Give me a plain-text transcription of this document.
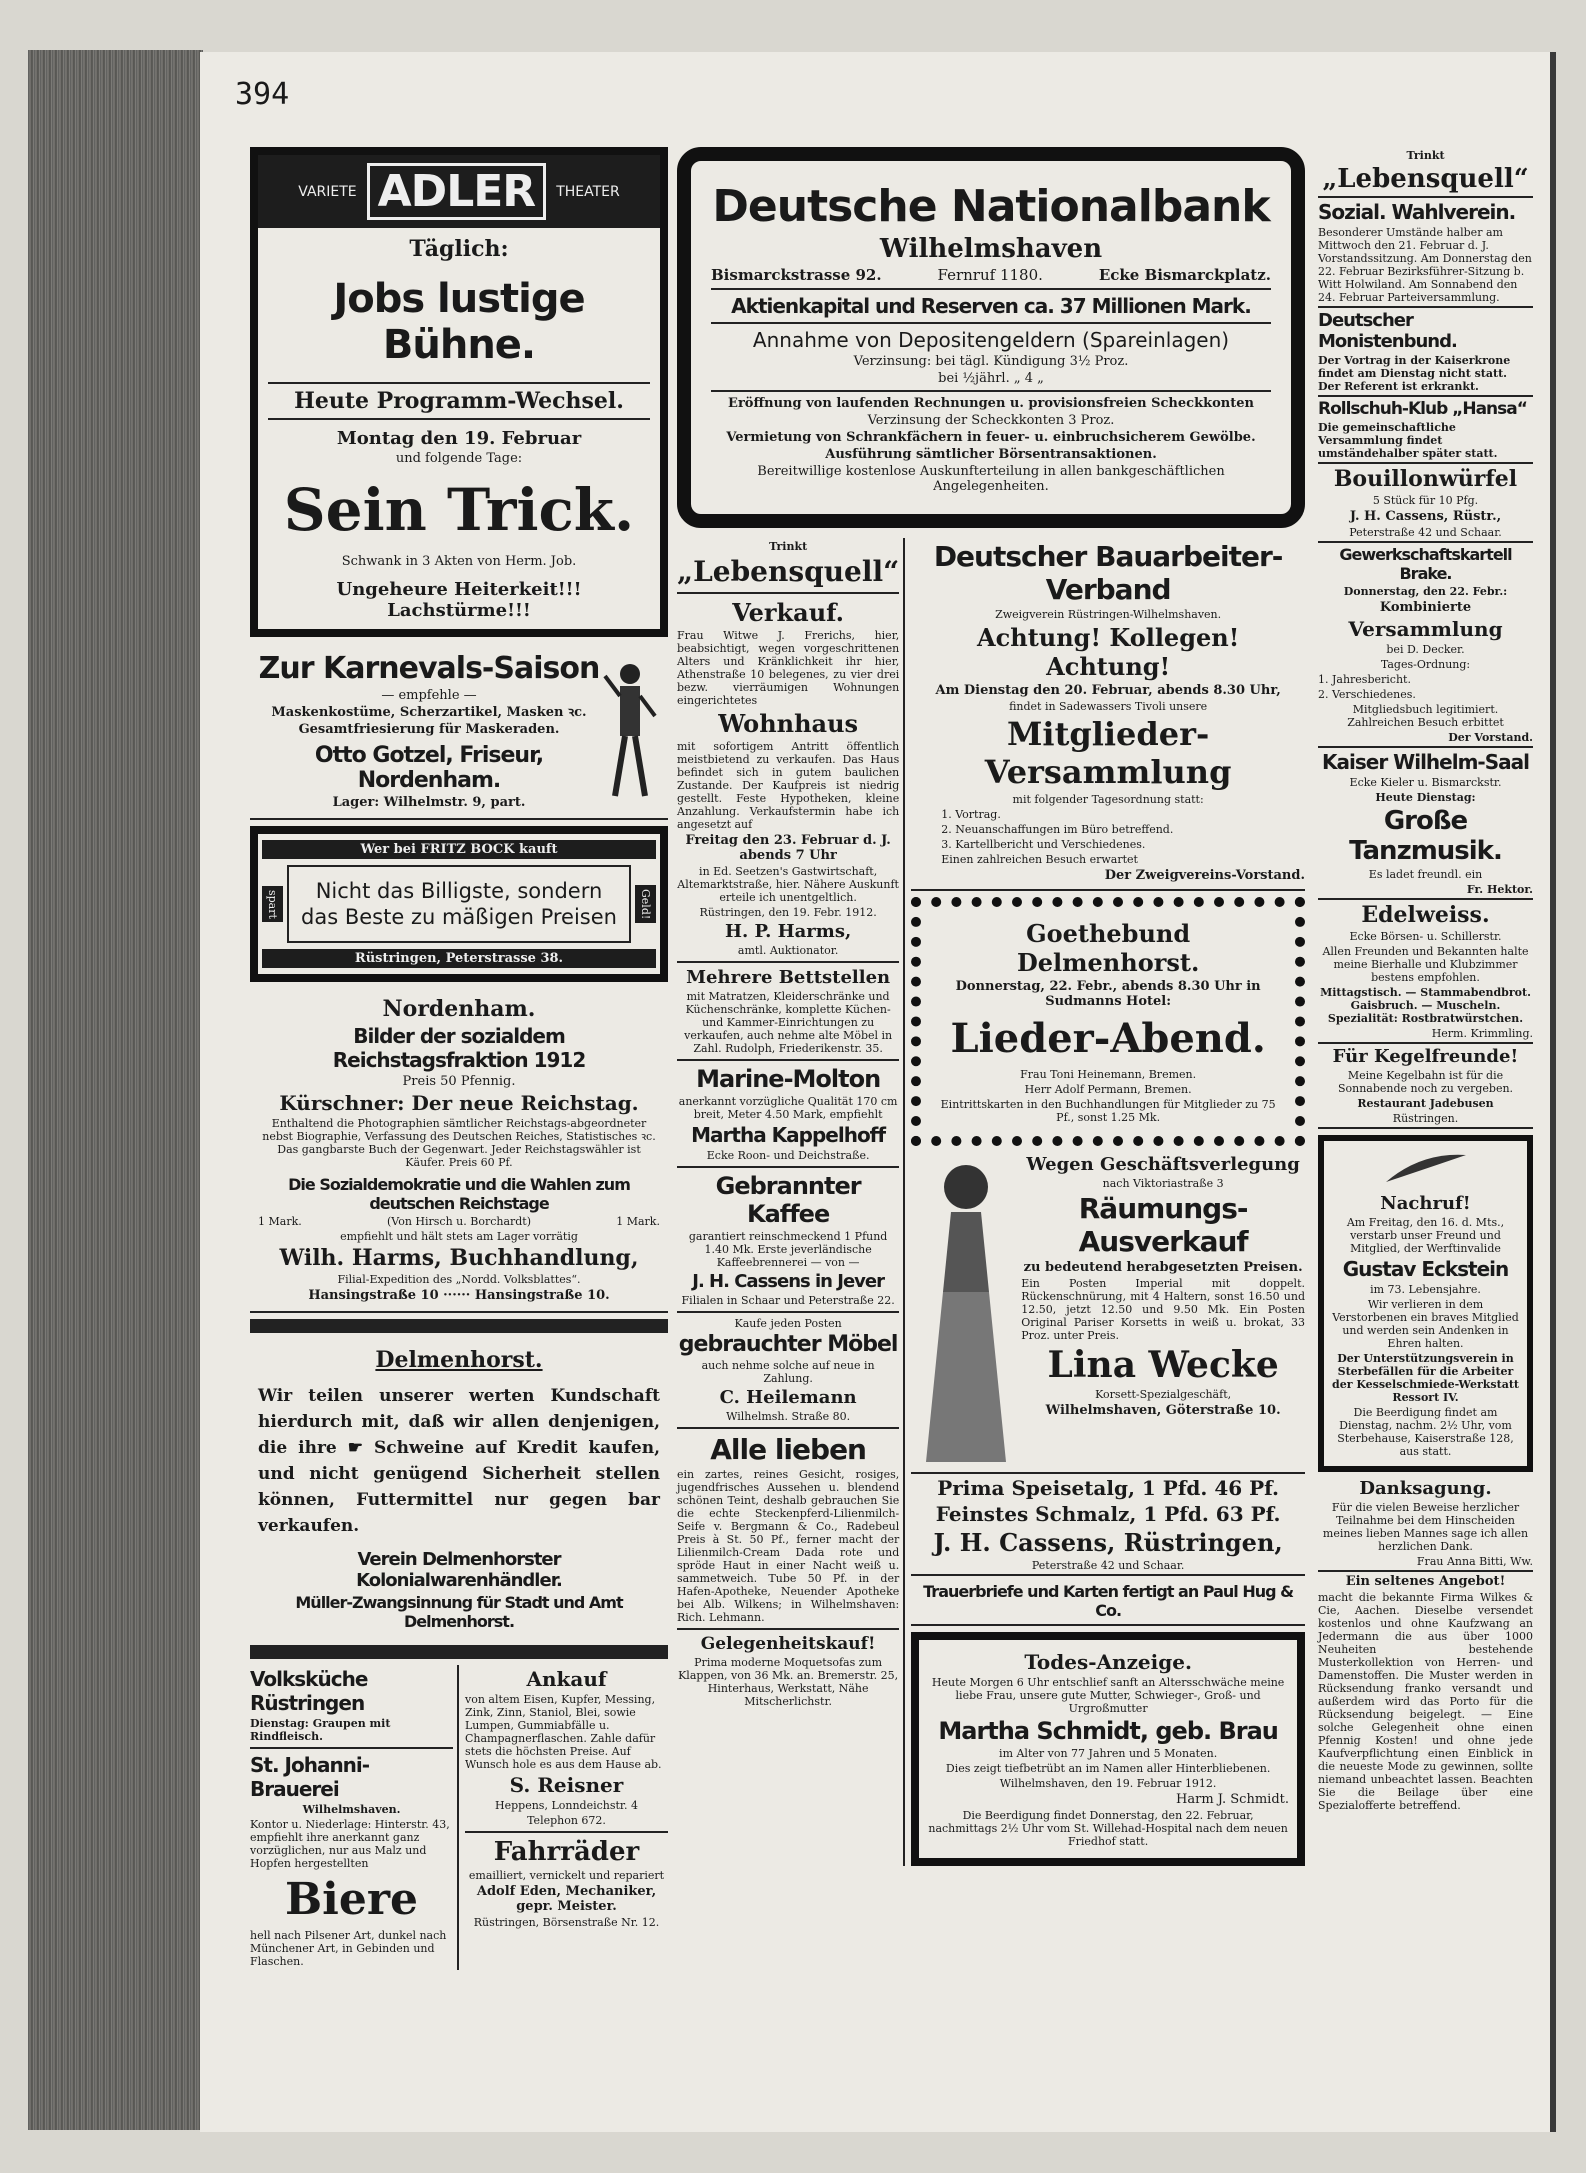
394
VARIETE ADLER	THEATER

Täglich:

Jobs lustige Bühne.

Heute Programm-Wechsel.

Montag den 19. Februar

und folgende Tage:

Sein Trick.

Schwank in 3 Akten von Herm. Job.

Ungeheure Heiterkeit!!! Lachstürme!!!

Zur Karnevals-Saison

— empfehle —

Maskenkostüme, Scherzartikel, Masken ꝛc.

Gesamtfriesierung für Maskeraden.

Otto Gotzel, Friseur, Nordenham.

Lager: Wilhelmstr. 9, part.

Wer bei FRITZ BOCK kauft

spart	Nicht das Billigste, sondern

das Beste zu mäßigen Preisen	Geld!

Rüstringen, Peterstrasse 38.

Nordenham.

Bilder der sozialdem Reichstagsfraktion 1912

Preis 50 Pfennig.

Kürschner: Der neue Reichstag.

Enthaltend die Photographien sämtlicher Reichstags-abgeordneter nebst Biographie, Verfassung des Deutschen Reiches, Statistisches ꝛc. Das gangbarste Buch der Gegenwart. Jeder Reichstagswähler ist Käufer. Preis 60 Pf.

Die Sozialdemokratie und die Wahlen zum deutschen Reichstage

1 Mark.	(Von Hirsch u. Borchardt)	1 Mark.

empfiehlt und hält stets am Lager vorrätig

Wilh. Harms, Buchhandlung,

Filial-Expedition des „Nordd. Volksblattes“.

Hansingstraße 10 ······ Hansingstraße 10.

Delmenhorst.

Wir teilen unserer werten Kundschaft hierdurch mit, daß wir allen denjenigen, die ihre ☛ Schweine auf Kredit kaufen, und nicht genügend Sicherheit stellen können, Futtermittel nur gegen bar verkaufen.

Verein Delmenhorster Kolonialwarenhändler.

Müller-Zwangsinnung für Stadt und Amt Delmenhorst.

Volksküche Rüstringen

Dienstag: Graupen mit Rindfleisch.

St. Johanni-Brauerei

Wilhelmshaven.

Kontor u. Niederlage: Hinterstr. 43, empfiehlt ihre anerkannt ganz vorzüglichen, nur aus Malz und Hopfen hergestellten

Biere

hell nach Pilsener Art, dunkel nach Münchener Art, in Gebinden und Flaschen.

Ankauf

von altem Eisen, Kupfer, Messing, Zink, Zinn, Staniol, Blei, sowie Lumpen, Gummiabfälle u. Champagnerflaschen. Zahle dafür stets die höchsten Preise. Auf Wunsch hole es aus dem Hause ab.

S. Reisner

Heppens, Lonndeichstr. 4

Telephon 672.

Fahrräder

emailliert, vernickelt und repariert

Adolf Eden, Mechaniker, gepr. Meister.

Rüstringen, Börsenstraße Nr. 12.

Deutsche Nationalbank

Wilhelmshaven

Bismarckstrasse 92.	Fernruf 1180.	Ecke Bismarckplatz.

Aktienkapital und Reserven ca. 37 Millionen Mark.

Annahme von Depositengeldern (Spareinlagen)

Verzinsung: bei tägl. Kündigung 3½ Proz.

bei ½jährl. „ 4 „

Eröffnung von laufenden Rechnungen u. provisionsfreien Scheckkonten

Verzinsung der Scheckkonten 3 Proz.

Vermietung von Schrankfächern in feuer- u. einbruchsicherem Gewölbe.

Ausführung sämtlicher Börsentransaktionen.

Bereitwillige kostenlose Auskunfterteilung in allen bankgeschäftlichen Angelegenheiten.

Trinkt

„Lebensquell“

Verkauf.

Frau Witwe J. Frerichs, hier, beabsichtigt, wegen vorgeschrittenen Alters und Kränklichkeit ihr hier, Athenstraße 10 belegenes, zu vier drei bezw. vierräumigen Wohnungen eingerichtetes

Wohnhaus

mit sofortigem Antritt öffentlich meistbietend zu verkaufen. Das Haus befindet sich in gutem baulichen Zustande. Der Kaufpreis ist niedrig gestellt. Feste Hypotheken, kleine Anzahlung. Verkaufstermin habe ich angesetzt auf

Freitag den 23. Februar d. J. abends 7 Uhr

in Ed. Seetzen's Gastwirtschaft, Altemarktstraße, hier. Nähere Auskunft erteile ich unentgeltlich.

Rüstringen, den 19. Febr. 1912.

H. P. Harms,

amtl. Auktionator.

Mehrere Bettstellen

mit Matratzen, Kleiderschränke und Küchenschränke, komplette Küchen- und Kammer-Einrichtungen zu verkaufen, auch nehme alte Möbel in Zahl. Rudolph, Friederikenstr. 35.

Marine-Molton

anerkannt vorzügliche Qualität 170 cm breit, Meter 4.50 Mark, empfiehlt

Martha Kappelhoff

Ecke Roon- und Deichstraße.

Gebrannter Kaffee

garantiert reinschmeckend 1 Pfund 1.40 Mk. Erste jeverländische Kaffeebrennerei — von —

J. H. Cassens in Jever

Filialen in Schaar und Peterstraße 22.

Kaufe jeden Posten

gebrauchter Möbel

auch nehme solche auf neue in Zahlung.

C. Heilemann

Wilhelmsh. Straße 80.

Alle lieben

ein zartes, reines Gesicht, rosiges, jugendfrisches Aussehen u. blendend schönen Teint, deshalb gebrauchen Sie die echte Steckenpferd-Lilienmilch-Seife v. Bergmann & Co., Radebeul Preis à St. 50 Pf., ferner macht der Lilienmilch-Cream Dada rote und spröde Haut in einer Nacht weiß u. sammetweich. Tube 50 Pf. in der Hafen-Apotheke, Neuender Apotheke bei Alb. Wilkens; in Wilhelmshaven: Rich. Lehmann.

Gelegenheitskauf!

Prima moderne Moquetsofas zum Klappen, von 36 Mk. an. Bremerstr. 25, Hinterhaus, Werkstatt, Nähe Mitscherlichstr.

Deutscher Bauarbeiter-Verband

Zweigverein Rüstringen-Wilhelmshaven.

Achtung! Kollegen! Achtung!

Am Dienstag den 20. Februar, abends 8.30 Uhr,

findet in Sadewassers Tivoli unsere

Mitglieder-Versammlung

mit folgender Tagesordnung statt:

1. Vortrag.

2. Neuanschaffungen im Büro betreffend.

3. Kartellbericht und Verschiedenes.

Einen zahlreichen Besuch erwartet

Der Zweigvereins-Vorstand.

Goethebund Delmenhorst.

Donnerstag, 22. Febr., abends 8.30 Uhr in Sudmanns Hotel:

Lieder-Abend.

Frau Toni Heinemann, Bremen.

Herr Adolf Permann, Bremen.

Eintrittskarten in den Buchhandlungen für Mitglieder zu 75 Pf., sonst 1.25 Mk.

Wegen Geschäftsverlegung

nach Viktoriastraße 3

Räumungs-Ausverkauf

zu bedeutend herabgesetzten Preisen.

Ein Posten Imperial mit doppelt. Rückenschnürung, mit 4 Haltern, sonst 16.50 und 12.50, jetzt 12.50 und 9.50 Mk. Ein Posten Original Pariser Korsetts in weiß u. brokat, 33 Proz. unter Preis.

Lina Wecke

Korsett-Spezialgeschäft,

Wilhelmshaven, Göterstraße 10.

Prima Speisetalg, 1 Pfd. 46 Pf.

Feinstes Schmalz, 1 Pfd. 63 Pf.

J. H. Cassens, Rüstringen,

Peterstraße 42 und Schaar.

Trauerbriefe und Karten fertigt an Paul Hug & Co.

Todes-Anzeige.

Heute Morgen 6 Uhr entschlief sanft an Altersschwäche meine liebe Frau, unsere gute Mutter, Schwieger-, Groß- und Urgroßmutter

Martha Schmidt, geb. Brau

im Alter von 77 Jahren und 5 Monaten.

Dies zeigt tiefbetrübt an im Namen aller Hinterbliebenen.

Wilhelmshaven, den 19. Februar 1912.

Harm J. Schmidt.

Die Beerdigung findet Donnerstag, den 22. Februar, nachmittags 2½ Uhr vom St. Willehad-Hospital nach dem neuen Friedhof statt.

Trinkt

„Lebensquell“

Sozial. Wahlverein.

Besonderer Umstände halber am Mittwoch den 21. Februar d. J. Vorstandssitzung. Am Donnerstag den 22. Februar Bezirksführer-Sitzung b. Witt Holwiland. Am Sonnabend den 24. Februar Parteiversammlung.

Deutscher Monistenbund.

Der Vortrag in der Kaiserkrone findet am Dienstag nicht statt. Der Referent ist erkrankt.

Rollschuh-Klub „Hansa“

Die gemeinschaftliche Versammlung findet umständehalber später statt.

Bouillonwürfel

5 Stück für 10 Pfg.

J. H. Cassens, Rüstr.,

Peterstraße 42 und Schaar.

Gewerkschaftskartell Brake.

Donnerstag, den 22. Febr.:

Kombinierte

Versammlung

bei D. Decker.

Tages-Ordnung:

1. Jahresbericht.

2. Verschiedenes.

Mitgliedsbuch legitimiert. Zahlreichen Besuch erbittet

Der Vorstand.

Kaiser Wilhelm-Saal

Ecke Kieler u. Bismarckstr.

Heute Dienstag:

Große Tanzmusik.

Es ladet freundl. ein

Fr. Hektor.

Edelweiss.

Ecke Börsen- u. Schillerstr.

Allen Freunden und Bekannten halte meine Bierhalle und Klubzimmer bestens empfohlen.

Mittagstisch. — Stammabendbrot. Gaisbruch. — Muscheln. Spezialität: Rostbratwürstchen.

Herm. Krimmling.

Für Kegelfreunde!

Meine Kegelbahn ist für die Sonnabende noch zu vergeben.

Restaurant Jadebusen

Rüstringen.

Nachruf!

Am Freitag, den 16. d. Mts., verstarb unser Freund und Mitglied, der Werftinvalide

Gustav Eckstein

im 73. Lebensjahre.

Wir verlieren in dem Verstorbenen ein braves Mitglied und werden sein Andenken in Ehren halten.

Der Unterstützungsverein in Sterbefällen für die Arbeiter der Kesselschmiede-Werkstatt Ressort IV.

Die Beerdigung findet am Dienstag, nachm. 2½ Uhr, vom Sterbehause, Kaiserstraße 128, aus statt.

Danksagung.

Für die vielen Beweise herzlicher Teilnahme bei dem Hinscheiden meines lieben Mannes sage ich allen herzlichen Dank.

Frau Anna Bitti, Ww.

Ein seltenes Angebot!

macht die bekannte Firma Wilkes & Cie, Aachen. Dieselbe versendet kostenlos und ohne Kaufzwang an Jedermann die aus über 1000 Neuheiten bestehende Musterkollektion von Herren- und Damenstoffen. Die Muster werden in Rücksendung franko versandt und außerdem wird das Porto für die Rücksendung beigelegt. — Eine solche Gelegenheit ohne einen Pfennig Kosten! und ohne jede Kaufverpflichtung einen Einblick in die neueste Mode zu gewinnen, sollte niemand unbeachtet lassen. Beachten Sie die Beilage über eine Spezialofferte betreffend.
